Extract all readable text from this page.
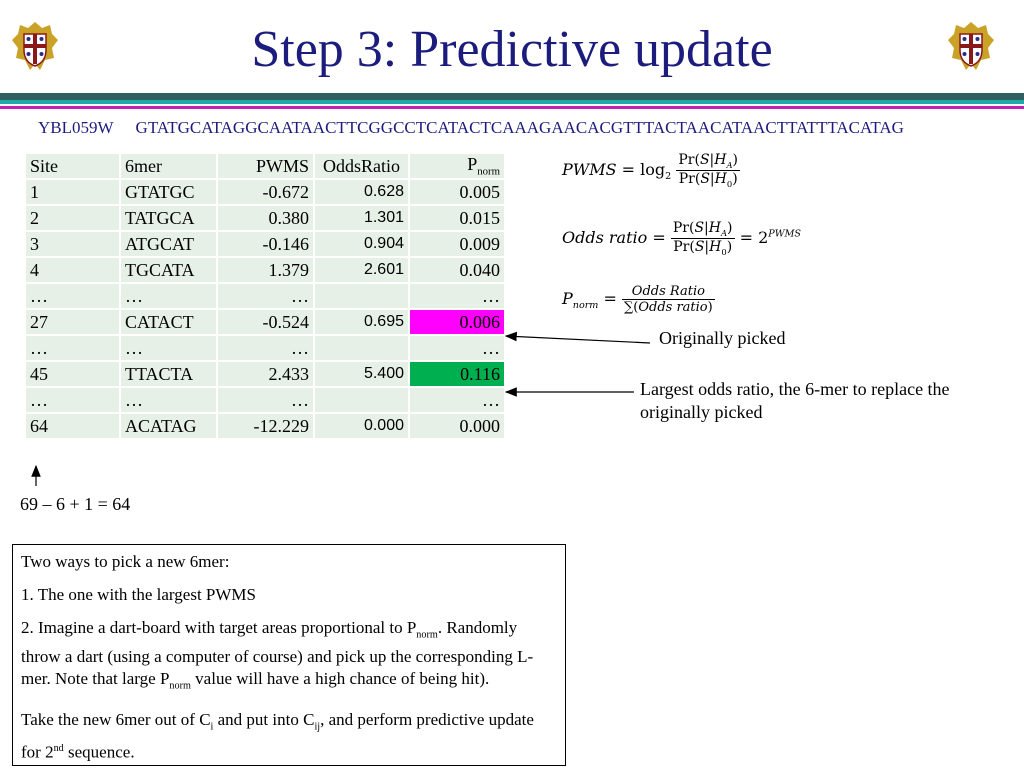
Step 3: Predictive update
YBL059W GTATGCATAGGCAATAACTTCGGCCTCATACTCAAAGAACACGTTTACTAACATAACTTATTTACATAG
Site	6mer	PWMS	OddsRatio	$P_{norm}$
1	GTATGC	-0.672	0.628	0.005
2	TATGCA	0.380	1.301	0.015
3	ATGCAT	-0.146	0.904	0.009
4	TGCATA	1.379	2.601	0.040
…	…	…		…
27	CATACT	-0.524	0.695	0.006
…	…	…		…
45	TTACTA	2.433	5.400	0.116
…	…	…		…
64	ACATAG	-12.229	0.000	0.000
PWMS = $\log_2 \frac{Pr(S|H_A)}{Pr(S|H_0)}$
Odds ratio = $\frac{Pr(S|H_A)}{Pr(S|H_0)} = 2^{PWMS}$
$P_{norm} = \frac{\text{Odds Ratio}}{\text{∑(Odds ratio)}}$
Originally picked
Largest odds ratio, the 6-mer to replace the originally picked
69 – 6 + 1 = 64

Two ways to pick a new 6mer:

1. The one with the largest PWMS

2. Imagine a dart-board with target areas proportional to $P_{norm}$. Randomly throw a dart (using a computer of course) and pick up the corresponding L-mer. Note that large $P_{norm}$ value will have a high chance of being hit).

Take the new 6mer out of $C_i$ and put into $C_{ij}$, and perform predictive update for 2nd sequence.
